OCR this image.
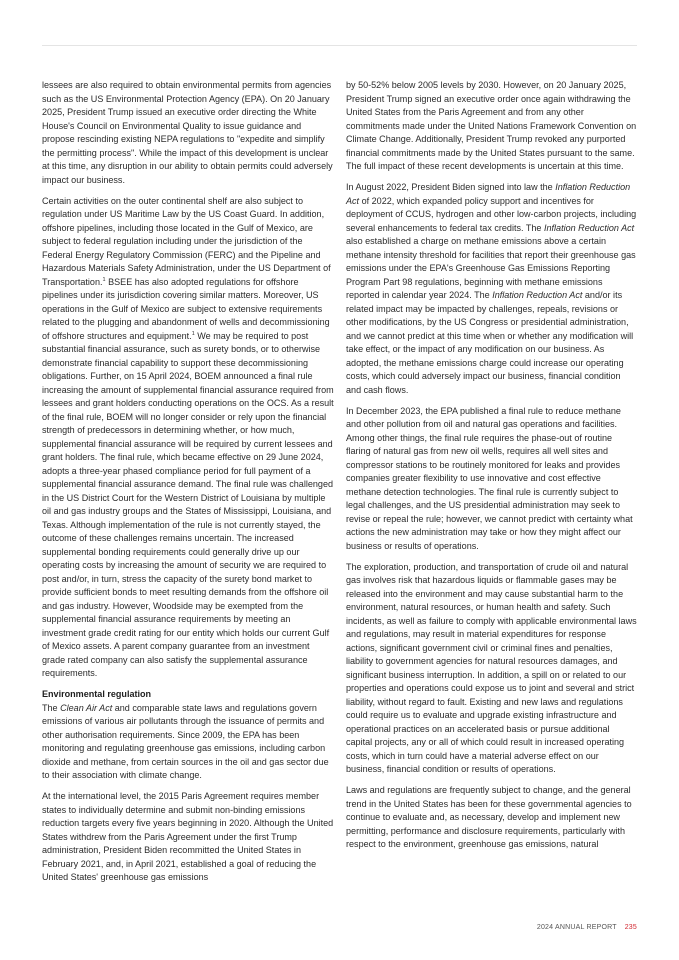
lessees are also required to obtain environmental permits from agencies such as the US Environmental Protection Agency (EPA). On 20 January 2025, President Trump issued an executive order directing the White House's Council on Environmental Quality to issue guidance and propose rescinding existing NEPA regulations to "expedite and simplify the permitting process". While the impact of this development is unclear at this time, any disruption in our ability to obtain permits could adversely impact our business.

Certain activities on the outer continental shelf are also subject to regulation under US Maritime Law by the US Coast Guard. In addition, offshore pipelines, including those located in the Gulf of Mexico, are subject to federal regulation including under the jurisdiction of the Federal Energy Regulatory Commission (FERC) and the Pipeline and Hazardous Materials Safety Administration, under the US Department of Transportation.$^1$ BSEE has also adopted regulations for offshore pipelines under its jurisdiction covering similar matters. Moreover, US operations in the Gulf of Mexico are subject to extensive requirements related to the plugging and abandonment of wells and decommissioning of offshore structures and equipment.$^1$ We may be required to post substantial financial assurance, such as surety bonds, or to otherwise demonstrate financial capability to support these decommissioning obligations. Further, on 15 April 2024, BOEM announced a final rule increasing the amount of supplemental financial assurance required from lessees and grant holders conducting operations on the OCS. As a result of the final rule, BOEM will no longer consider or rely upon the financial strength of predecessors in determining whether, or how much, supplemental financial assurance will be required by current lessees and grant holders. The final rule, which became effective on 29 June 2024, adopts a three-year phased compliance period for full payment of a supplemental financial assurance demand. The final rule was challenged in the US District Court for the Western District of Louisiana by multiple oil and gas industry groups and the States of Mississippi, Louisiana, and Texas. Although implementation of the rule is not currently stayed, the outcome of these challenges remains uncertain. The increased supplemental bonding requirements could generally drive up our operating costs by increasing the amount of security we are required to post and/or, in turn, stress the capacity of the surety bond market to provide sufficient bonds to meet resulting demands from the offshore oil and gas industry. However, Woodside may be exempted from the supplemental financial assurance requirements by meeting an investment grade credit rating for our entity which holds our current Gulf of Mexico assets. A parent company guarantee from an investment grade rated company can also satisfy the supplemental assurance requirements.

Environmental regulation

The Clean Air Act and comparable state laws and regulations govern emissions of various air pollutants through the issuance of permits and other authorisation requirements. Since 2009, the EPA has been monitoring and regulating greenhouse gas emissions, including carbon dioxide and methane, from certain sources in the oil and gas sector due to their association with climate change.

At the international level, the 2015 Paris Agreement requires member states to individually determine and submit non-binding emissions reduction targets every five years beginning in 2020. Although the United States withdrew from the Paris Agreement under the first Trump administration, President Biden recommitted the United States in February 2021, and, in April 2021, established a goal of reducing the United States' greenhouse gas emissions

by 50-52% below 2005 levels by 2030. However, on 20 January 2025, President Trump signed an executive order once again withdrawing the United States from the Paris Agreement and from any other commitments made under the United Nations Framework Convention on Climate Change. Additionally, President Trump revoked any purported financial commitments made by the United States pursuant to the same. The full impact of these recent developments is uncertain at this time.

In August 2022, President Biden signed into law the Inflation Reduction Act of 2022, which expanded policy support and incentives for deployment of CCUS, hydrogen and other low-carbon projects, including several enhancements to federal tax credits. The Inflation Reduction Act also established a charge on methane emissions above a certain methane intensity threshold for facilities that report their greenhouse gas emissions under the EPA's Greenhouse Gas Emissions Reporting Program Part 98 regulations, beginning with methane emissions reported in calendar year 2024. The Inflation Reduction Act and/or its related impact may be impacted by challenges, repeals, revisions or other modifications, by the US Congress or presidential administration, and we cannot predict at this time when or whether any modification will take effect, or the impact of any modification on our business. As adopted, the methane emissions charge could increase our operating costs, which could adversely impact our business, financial condition and cash flows.

In December 2023, the EPA published a final rule to reduce methane and other pollution from oil and natural gas operations and facilities. Among other things, the final rule requires the phase-out of routine flaring of natural gas from new oil wells, requires all well sites and compressor stations to be routinely monitored for leaks and provides companies greater flexibility to use innovative and cost effective methane detection technologies. The final rule is currently subject to legal challenges, and the US presidential administration may seek to revise or repeal the rule; however, we cannot predict with certainty what actions the new administration may take or how they might affect our business or results of operations.

The exploration, production, and transportation of crude oil and natural gas involves risk that hazardous liquids or flammable gases may be released into the environment and may cause substantial harm to the environment, natural resources, or human health and safety. Such incidents, as well as failure to comply with applicable environmental laws and regulations, may result in material expenditures for response actions, significant government civil or criminal fines and penalties, liability to government agencies for natural resources damages, and significant business interruption. In addition, a spill on or related to our properties and operations could expose us to joint and several and strict liability, without regard to fault. Existing and new laws and regulations could require us to evaluate and upgrade existing infrastructure and operational practices on an accelerated basis or pursue additional capital projects, any or all of which could result in increased operating costs, which in turn could have a material adverse effect on our business, financial condition or results of operations.

Laws and regulations are frequently subject to change, and the general trend in the United States has been for these governmental agencies to continue to evaluate and, as necessary, develop and implement new permitting, performance and disclosure requirements, particularly with respect to the environment, greenhouse gas emissions, natural

2024 ANNUAL REPORT 235
